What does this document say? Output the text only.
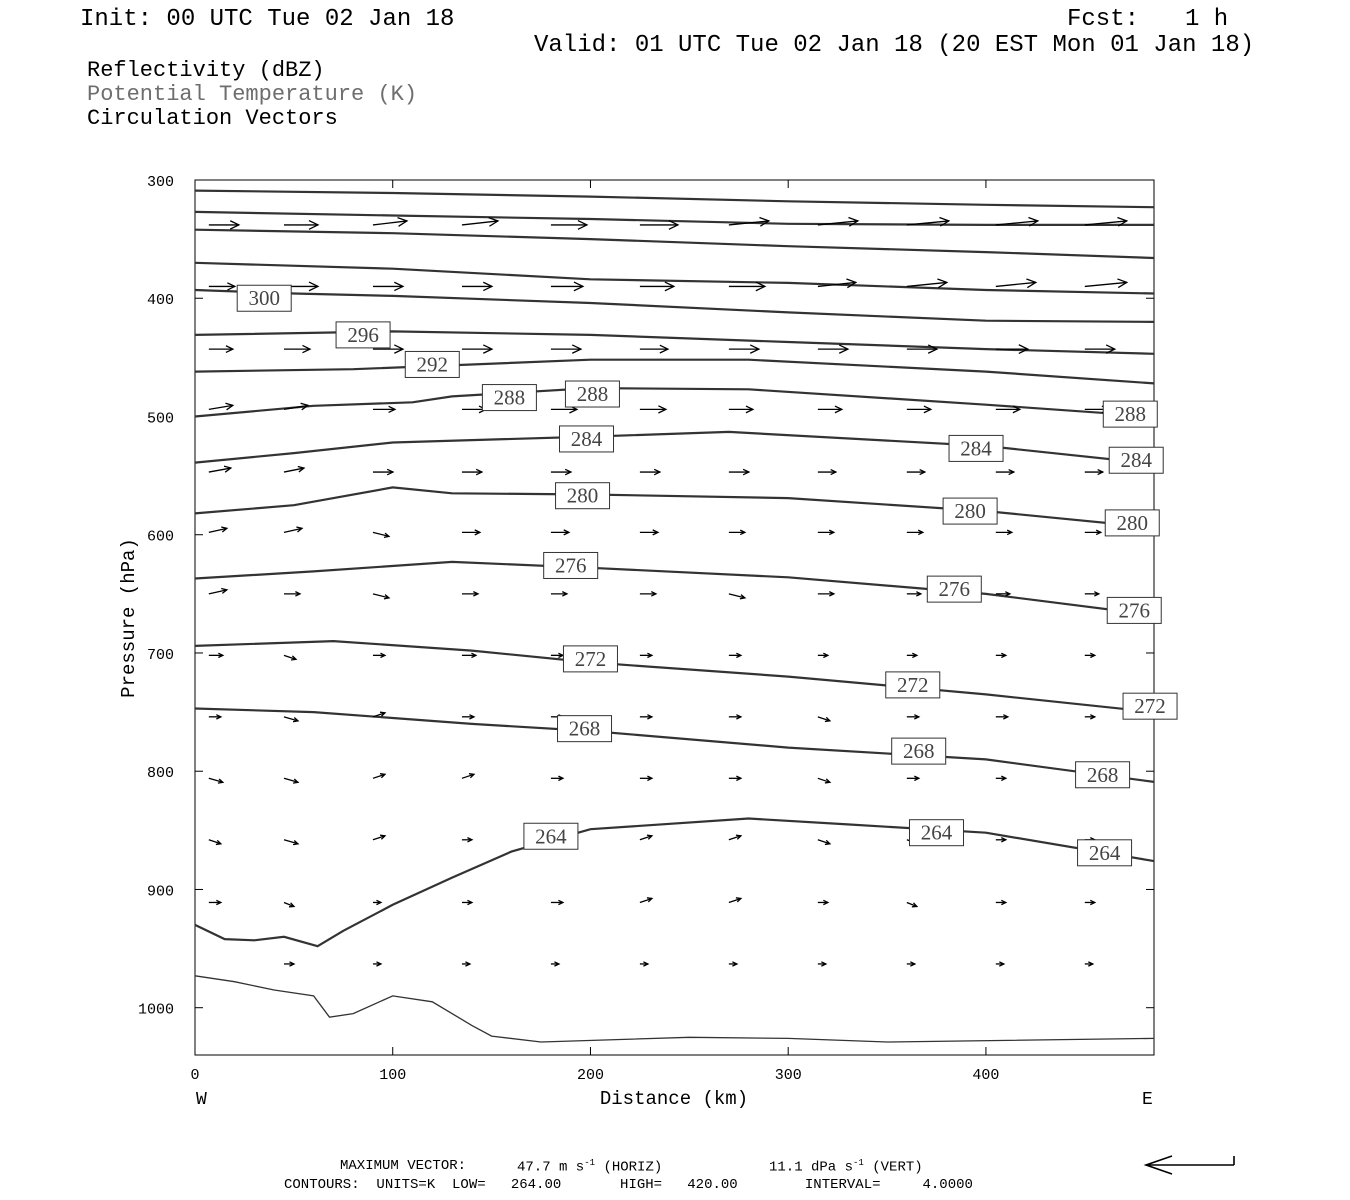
Init: 00 UTC Tue 02 Jan 18	Fcst: 1 h
Valid: 01 UTC Tue 02 Jan 18 (20 EST Mon 01 Jan 18)
Reflectivity (dBZ)
Potential Temperature (K)
Circulation Vectors
300
400
500
600
700
800
900
1000
0	100	200	300	400
300
296
292
288 288
288
284	284	284
280
280	280
276
276
276
272
272
272
268
268
268
264	264
264
Pressure (hPa)
Distance (km)
W	E
MAXIMUM VECTOR:	47.7 m $s^{-1}$ (HORIZ)	11.1 dPa $s^{-1}$ (VERT)
CONTOURS:  UNITS=K  LOW=   264.00       HIGH=   420.00        INTERVAL=     4.0000
